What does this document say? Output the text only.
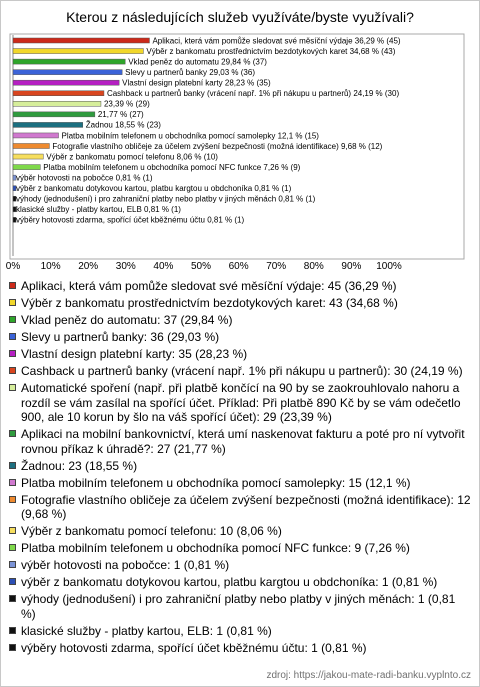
Kterou z následujících služeb využíváte/byste využívali?
Aplikaci, která vám pomůže sledovat své měsíční výdaje 36,29 % (45)
Výběr z bankomatu prostřednictvím bezdotykových karet 34,68 % (43)
Vklad peněz do automatu 29,84 % (37)
Slevy u partnerů banky 29,03 % (36)
Vlastní design platební karty 28,23 % (35)
Cashback u partnerů banky (vrácení např. 1% při nákupu u partnerů) 24,19 % (30)
23,39 % (29)
21,77 % (27)
Žadnou 18,55 % (23)
Platba mobilním telefonem u obchodníka pomocí samolepky 12,1 % (15)
Fotografie vlastního obličeje za účelem zvýšení bezpečnosti (možná identifikace) 9,68 % (12)
Výběr z bankomatu pomocí telefonu 8,06 % (10)
Platba mobilním telefonem u obchodníka pomocí NFC funkce 7,26 % (9)
výběr hotovosti na pobočce 0,81 % (1)
výběr z bankomatu dotykovou kartou, platbu kargtou u obdchoníka 0,81 % (1)
výhody (jednodušení) i pro zahraniční platby nebo platby v jiných měnách 0,81 % (1)
klasické služby - platby kartou, ELB 0,81 % (1)
výběry hotovosti zdarma, spořící účet kběžnému účtu 0,81 % (1)
0% 10% 20% 30% 40% 50% 60% 70% 80% 90% 100%
Aplikaci, která vám pomůže sledovat své měsíční výdaje: 45 (36,29 %)
Výběr z bankomatu prostřednictvím bezdotykových karet: 43 (34,68 %)
Vklad peněz do automatu: 37 (29,84 %)
Slevy u partnerů banky: 36 (29,03 %)
Vlastní design platební karty: 35 (28,23 %)
Cashback u partnerů banky (vrácení např. 1% při nákupu u partnerů): 30 (24,19 %)
Automatické spoření (např. při platbě končící na 90 by se zaokrouhlovalo nahoru a rozdíl se vám zasílal na spořící účet. Příklad: Při platbě 890 Kč by se vám odečetlo 900, ale 10 korun by šlo na váš spořící účet): 29 (23,39 %)
Aplikaci na mobilní bankovnictví, která umí naskenovat fakturu a poté pro ní vytvořit rovnou příkaz k úhradě?: 27 (21,77 %)
Žadnou: 23 (18,55 %)
Platba mobilním telefonem u obchodníka pomocí samolepky: 15 (12,1 %)
Fotografie vlastního obličeje za účelem zvýšení bezpečnosti (možná identifikace): 12 (9,68 %)
Výběr z bankomatu pomocí telefonu: 10 (8,06 %)
Platba mobilním telefonem u obchodníka pomocí NFC funkce: 9 (7,26 %)
výběr hotovosti na pobočce: 1 (0,81 %)
výběr z bankomatu dotykovou kartou, platbu kargtou u obdchoníka: 1 (0,81 %)
výhody (jednodušení) i pro zahraniční platby nebo platby v jiných měnách: 1 (0,81 %)
klasické služby - platby kartou, ELB: 1 (0,81 %)
výběry hotovosti zdarma, spořící účet kběžnému účtu: 1 (0,81 %)
zdroj: https://jakou-mate-radi-banku.vyplnto.cz
